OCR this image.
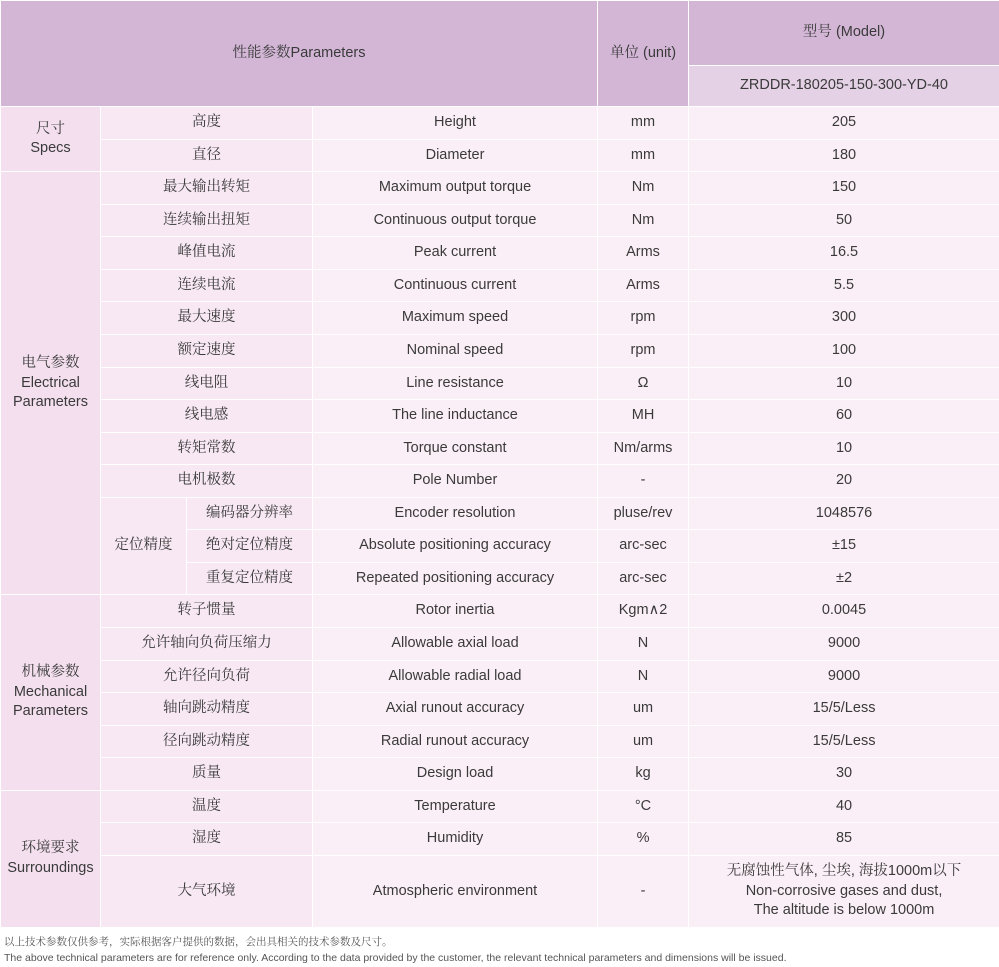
性能参数Parameters				单位 (unit)	型号 (Model)
					ZRDDR-180205-150-300-YD-40
尺寸
Specs	高度		Height	mm	205
	直径		Diameter	mm	180
电气参数
Electrical
Parameters	最大输出转矩		Maximum output torque	Nm	150
	连续输出扭矩		Continuous output torque	Nm	50
	峰值电流		Peak current	Arms	16.5
	连续电流		Continuous current	Arms	5.5
	最大速度		Maximum speed	rpm	300
	额定速度		Nominal speed	rpm	100
	线电阻		Line resistance	Ω	10
	线电感		The line inductance	MH	60
	转矩常数		Torque constant	Nm/arms	10
	电机极数		Pole Number	-	20
	定位精度	编码器分辨率	Encoder resolution	pluse/rev	1048576
		绝对定位精度	Absolute positioning accuracy	arc-sec	±15
		重复定位精度	Repeated positioning accuracy	arc-sec	±2
机械参数
Mechanical
Parameters	转子惯量		Rotor inertia	Kgm∧2	0.0045
	允许轴向负荷压缩力		Allowable axial load	N	9000
	允许径向负荷		Allowable radial load	N	9000
	轴向跳动精度		Axial runout accuracy	um	15/5/Less
	径向跳动精度		Radial runout accuracy	um	15/5/Less
	质量		Design load	kg	30
环境要求
Surroundings	温度		Temperature	°C	40
	湿度		Humidity	%	85
	大气环境		Atmospheric environment	-	无腐蚀性气体, 尘埃, 海拔1000m以下
Non-corrosive gases and dust,
The altitude is below 1000m
以上技术参数仅供参考，实际根据客户提供的数据，会出具相关的技术参数及尺寸。
The above technical parameters are for reference only. According to the data provided by the customer, the relevant technical parameters and dimensions will be issued.
